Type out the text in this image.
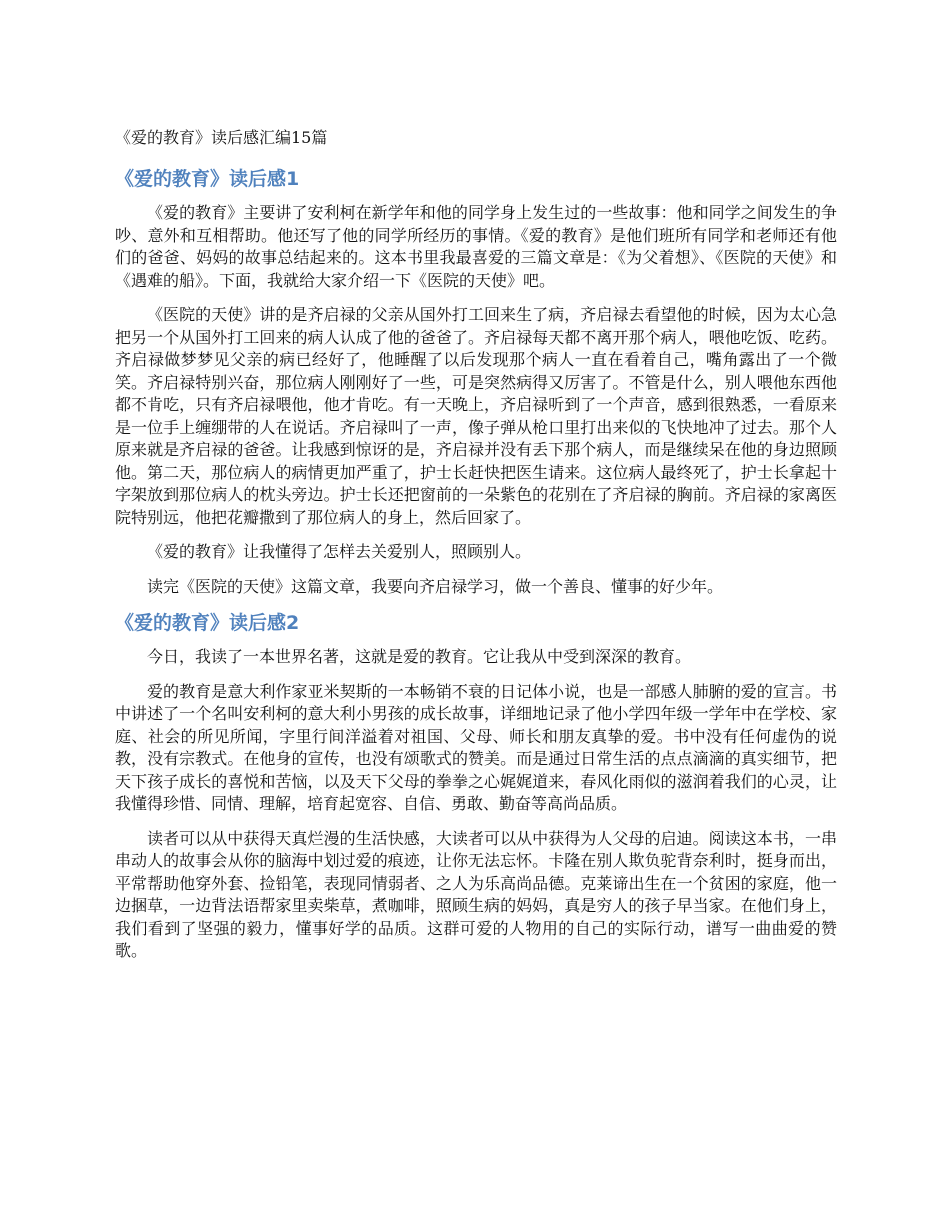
《爱的教育》读后感汇编15篇
《爱的教育》读后感1

《爱的教育》主要讲了安利柯在新学年和他的同学身上发生过的一些故事：他和同学之间发生的争吵、意外和互相帮助。他还写了他的同学所经历的事情。《爱的教育》是他们班所有同学和老师还有他们的爸爸、妈妈的故事总结起来的。这本书里我最喜爱的三篇文章是：《为父着想》、《医院的天使》和《遇难的船》。下面，我就给大家介绍一下《医院的天使》吧。

《医院的天使》讲的是齐启禄的父亲从国外打工回来生了病，齐启禄去看望他的时候，因为太心急把另一个从国外打工回来的病人认成了他的爸爸了。齐启禄每天都不离开那个病人，喂他吃饭、吃药。齐启禄做梦梦见父亲的病已经好了，他睡醒了以后发现那个病人一直在看着自己，嘴角露出了一个微笑。齐启禄特别兴奋，那位病人刚刚好了一些，可是突然病得又厉害了。不管是什么，别人喂他东西他都不肯吃，只有齐启禄喂他，他才肯吃。有一天晚上，齐启禄听到了一个声音，感到很熟悉，一看原来是一位手上缠绷带的人在说话。齐启禄叫了一声，像子弹从枪口里打出来似的飞快地冲了过去。那个人原来就是齐启禄的爸爸。让我感到惊讶的是，齐启禄并没有丢下那个病人，而是继续呆在他的身边照顾他。第二天，那位病人的病情更加严重了，护士长赶快把医生请来。这位病人最终死了，护士长拿起十字架放到那位病人的枕头旁边。护士长还把窗前的一朵紫色的花别在了齐启禄的胸前。齐启禄的家离医院特别远，他把花瓣撒到了那位病人的身上，然后回家了。

《爱的教育》让我懂得了怎样去关爱别人，照顾别人。

读完《医院的天使》这篇文章，我要向齐启禄学习，做一个善良、懂事的好少年。

《爱的教育》读后感2

今日，我读了一本世界名著，这就是爱的教育。它让我从中受到深深的教育。

爱的教育是意大利作家亚米契斯的一本畅销不衰的日记体小说，也是一部感人肺腑的爱的宣言。书中讲述了一个名叫安利柯的意大利小男孩的成长故事，详细地记录了他小学四年级一学年中在学校、家庭、社会的所见所闻，字里行间洋溢着对祖国、父母、师长和朋友真挚的爱。书中没有任何虚伪的说教，没有宗教式。在他身的宣传，也没有颂歌式的赞美。而是通过日常生活的点点滴滴的真实细节，把天下孩子成长的喜悦和苦恼，以及天下父母的拳拳之心娓娓道来，春风化雨似的滋润着我们的心灵，让我懂得珍惜、同情、理解，培育起宽容、自信、勇敢、勤奋等高尚品质。

读者可以从中获得天真烂漫的生活快感，大读者可以从中获得为人父母的启迪。阅读这本书，一串串动人的故事会从你的脑海中划过爱的痕迹，让你无法忘怀。卡隆在别人欺负驼背奈利时，挺身而出，平常帮助他穿外套、捡铅笔，表现同情弱者、之人为乐高尚品德。克莱谛出生在一个贫困的家庭，他一边捆草，一边背法语帮家里卖柴草，煮咖啡，照顾生病的妈妈，真是穷人的孩子早当家。在他们身上，我们看到了坚强的毅力，懂事好学的品质。这群可爱的人物用的自己的实际行动，谱写一曲曲爱的赞歌。
